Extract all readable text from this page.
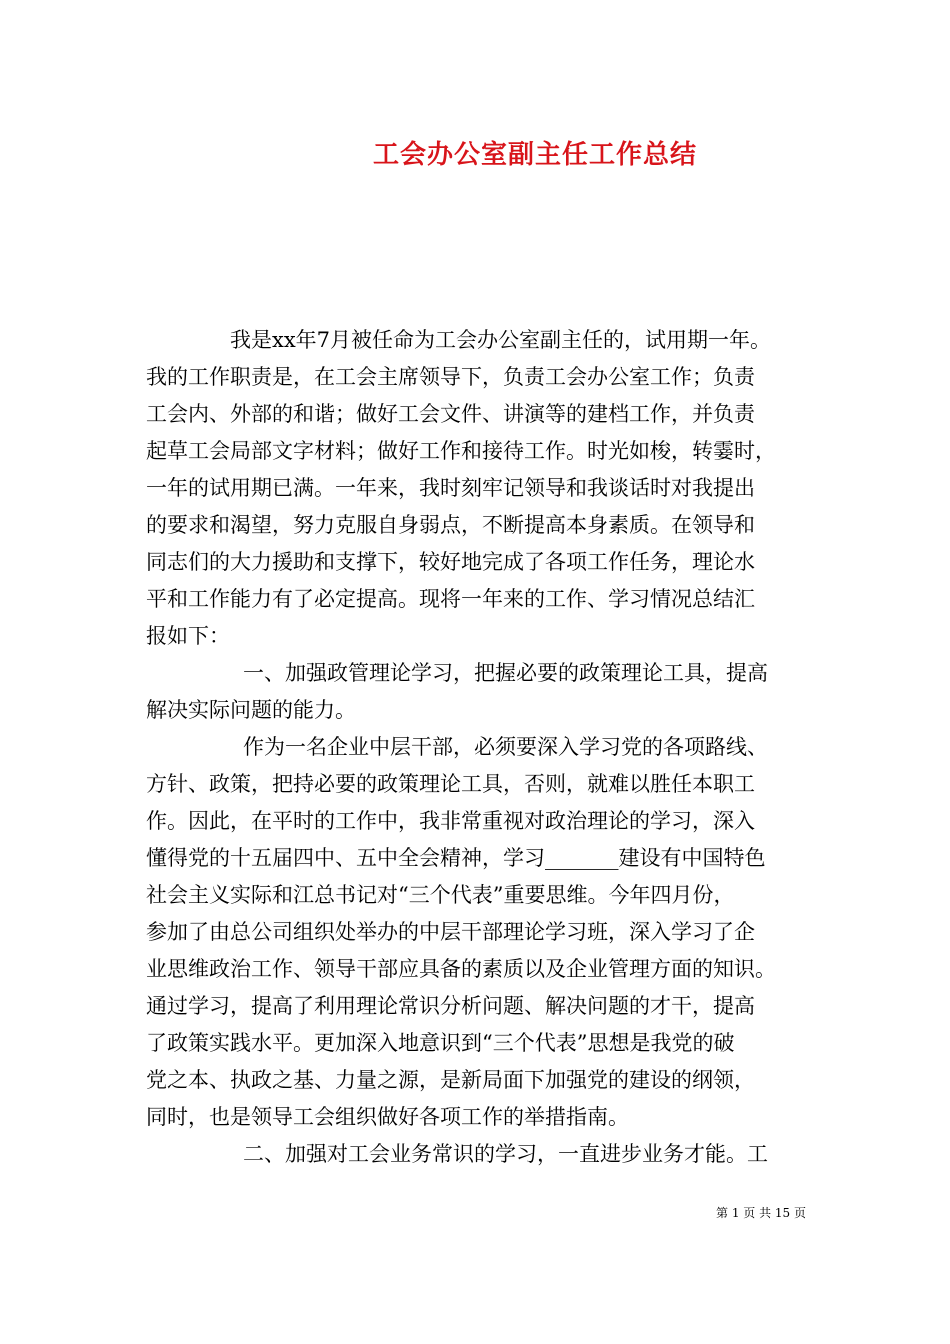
工会办公室副主任工作总结
我是xx年7月被任命为工会办公室副主任的，试用期一年。
我的工作职责是，在工会主席领导下，负责工会办公室工作；负责
工会内、外部的和谐；做好工会文件、讲演等的建档工作，并负责
起草工会局部文字材料；做好工作和接待工作。时光如梭，转霎时，
一年的试用期已满。一年来，我时刻牢记领导和我谈话时对我提出
的要求和渴望，努力克服自身弱点，不断提高本身素质。在领导和
同志们的大力援助和支撑下，较好地完成了各项工作任务，理论水
平和工作能力有了必定提高。现将一年来的工作、学习情况总结汇
报如下：
一、加强政管理论学习，把握必要的政策理论工具，提高
解决实际问题的能力。
作为一名企业中层干部，必须要深入学习党的各项路线、
方针、政策，把持必要的政策理论工具，否则，就难以胜任本职工
作。因此，在平时的工作中，我非常重视对政治理论的学习，深入
懂得党的十五届四中、五中全会精神，学习_______建设有中国特色
社会主义实际和江总书记对“三个代表”重要思维。今年四月份，
参加了由总公司组织处举办的中层干部理论学习班，深入学习了企
业思维政治工作、领导干部应具备的素质以及企业管理方面的知识。
通过学习，提高了利用理论常识分析问题、解决问题的才干，提高
了政策实践水平。更加深入地意识到“三个代表”思想是我党的破
党之本、执政之基、力量之源，是新局面下加强党的建设的纲领，
同时，也是领导工会组织做好各项工作的举措指南。
二、加强对工会业务常识的学习，一直进步业务才能。工
第 1 页 共 15 页
